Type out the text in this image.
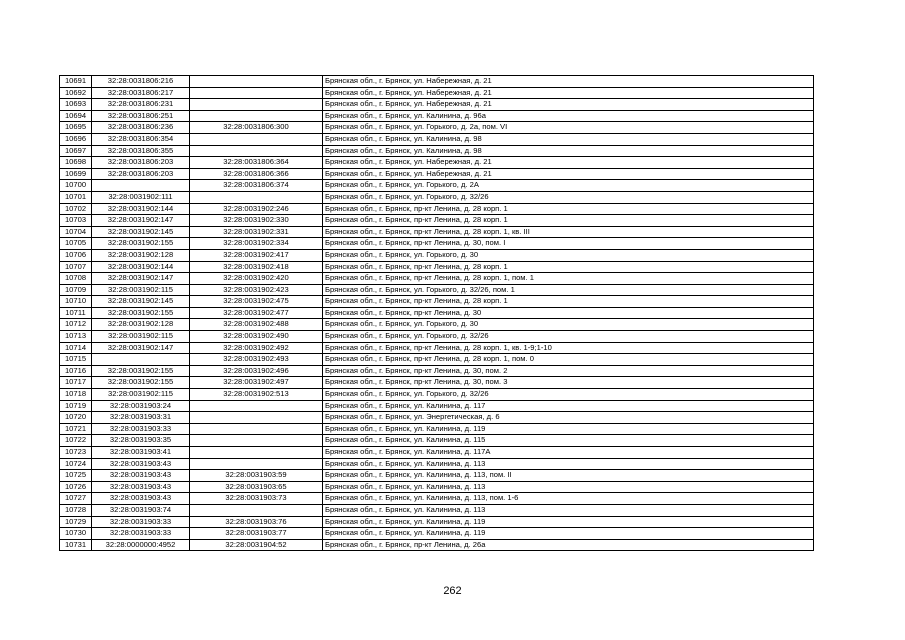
10691	32:28:0031806:216		Брянская обл., г. Брянск, ул. Набережная, д. 21
10692	32:28:0031806:217		Брянская обл., г. Брянск, ул. Набережная, д. 21
10693	32:28:0031806:231		Брянская обл., г. Брянск, ул. Набережная, д. 21
10694	32:28:0031806:251		Брянская обл., г. Брянск, ул. Калинина, д. 96а
10695	32:28:0031806:236	32:28:0031806:300	Брянская обл., г. Брянск, ул. Горького, д. 2а, пом. VI
10696	32:28:0031806:354		Брянская обл., г. Брянск, ул. Калинина, д. 98
10697	32:28:0031806:355		Брянская обл., г. Брянск, ул. Калинина, д. 98
10698	32:28:0031806:203	32:28:0031806:364	Брянская обл., г. Брянск, ул. Набережная, д. 21
10699	32:28:0031806:203	32:28:0031806:366	Брянская обл., г. Брянск, ул. Набережная, д. 21
10700		32:28:0031806:374	Брянская обл., г. Брянск, ул. Горького, д. 2А
10701	32:28:0031902:111		Брянская обл., г. Брянск, ул. Горького, д. 32/26
10702	32:28:0031902:144	32:28:0031902:246	Брянская обл., г. Брянск, пр-кт Ленина, д. 28 корп. 1
10703	32:28:0031902:147	32:28:0031902:330	Брянская обл., г. Брянск, пр-кт Ленина, д. 28 корп. 1
10704	32:28:0031902:145	32:28:0031902:331	Брянская обл., г. Брянск, пр-кт Ленина, д. 28 корп. 1, кв. III
10705	32:28:0031902:155	32:28:0031902:334	Брянская обл., г. Брянск, пр-кт Ленина, д. 30, пом. I
10706	32:28:0031902:128	32:28:0031902:417	Брянская обл., г. Брянск, ул. Горького, д. 30
10707	32:28:0031902:144	32:28:0031902:418	Брянская обл., г. Брянск, пр-кт Ленина, д. 28 корп. 1
10708	32:28:0031902:147	32:28:0031902:420	Брянская обл., г. Брянск, пр-кт Ленина, д. 28 корп. 1, пом. 1
10709	32:28:0031902:115	32:28:0031902:423	Брянская обл., г. Брянск, ул. Горького, д. 32/26, пом. 1
10710	32:28:0031902:145	32:28:0031902:475	Брянская обл., г. Брянск, пр-кт Ленина, д. 28 корп. 1
10711	32:28:0031902:155	32:28:0031902:477	Брянская обл., г. Брянск, пр-кт Ленина, д. 30
10712	32:28:0031902:128	32:28:0031902:488	Брянская обл., г. Брянск, ул. Горького, д. 30
10713	32:28:0031902:115	32:28:0031902:490	Брянская обл., г. Брянск, ул. Горького, д. 32/26
10714	32:28:0031902:147	32:28:0031902:492	Брянская обл., г. Брянск, пр-кт Ленина, д. 28 корп. 1, кв. 1-9;1-10
10715		32:28:0031902:493	Брянская обл., г. Брянск, пр-кт Ленина, д. 28 корп. 1, пом. 0
10716	32:28:0031902:155	32:28:0031902:496	Брянская обл., г. Брянск, пр-кт Ленина, д. 30, пом. 2
10717	32:28:0031902:155	32:28:0031902:497	Брянская обл., г. Брянск, пр-кт Ленина, д. 30, пом. 3
10718	32:28:0031902:115	32:28:0031902:513	Брянская обл., г. Брянск, ул. Горького, д. 32/26
10719	32:28:0031903:24		Брянская обл., г. Брянск, ул. Калинина, д. 117
10720	32:28:0031903:31		Брянская обл., г. Брянск, ул. Энергетическая, д. 6
10721	32:28:0031903:33		Брянская обл., г. Брянск, ул. Калинина, д. 119
10722	32:28:0031903:35		Брянская обл., г. Брянск, ул. Калинина, д. 115
10723	32:28:0031903:41		Брянская обл., г. Брянск, ул. Калинина, д. 117А
10724	32:28:0031903:43		Брянская обл., г. Брянск, ул. Калинина, д. 113
10725	32:28:0031903:43	32:28:0031903:59	Брянская обл., г. Брянск, ул. Калинина, д. 113, пом. II
10726	32:28:0031903:43	32:28:0031903:65	Брянская обл., г. Брянск, ул. Калинина, д. 113
10727	32:28:0031903:43	32:28:0031903:73	Брянская обл., г. Брянск, ул. Калинина, д. 113, пом. 1-6
10728	32:28:0031903:74		Брянская обл., г. Брянск, ул. Калинина, д. 113
10729	32:28:0031903:33	32:28:0031903:76	Брянская обл., г. Брянск, ул. Калинина, д. 119
10730	32:28:0031903:33	32:28:0031903:77	Брянская обл., г. Брянск, ул. Калинина, д. 119
10731	32:28:0000000:4952	32:28:0031904:52	Брянская обл., г. Брянск, пр-кт Ленина, д. 26а
262
